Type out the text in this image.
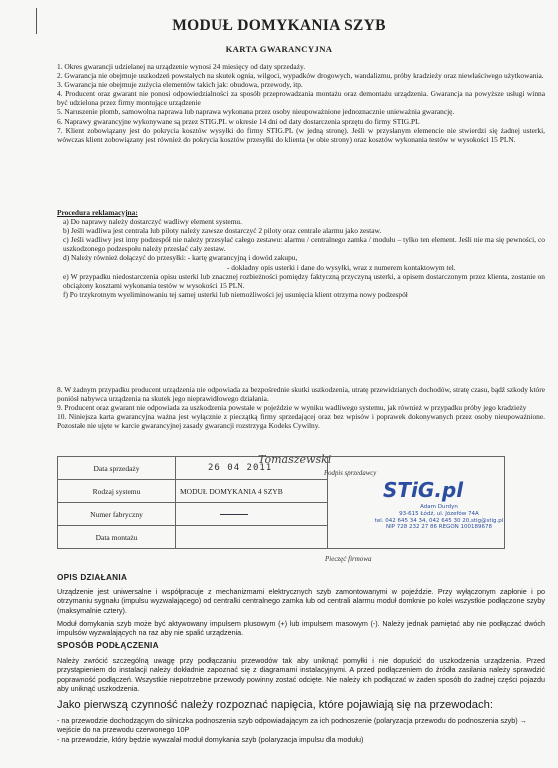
MODUŁ DOMYKANIA SZYB
KARTA GWARANCYJNA

1. Okres gwarancji udzielanej na urządzenie wynosi 24 miesięcy od daty sprzedaży.

2. Gwarancja nie obejmuje uszkodzeń powstałych na skutek ognia, wilgoci, wypadków drogowych, wandalizmu, próby kradzieży oraz niewłaściwego użytkowania.

3. Gwarancja nie obejmuje zużycia elementów takich jak: obudowa, przewody, itp.

4. Producent oraz gwarant nie ponosi odpowiedzialności za sposób przeprowadzania montażu oraz demontażu urządzenia. Gwarancja na powyższe usługi winna być udzielona przez firmy montujące urządzenie

5. Naruszenie plomb, samowolna naprawa lub naprawa wykonana przez osoby nieupoważnione jednoznacznie unieważnia gwarancję.

6. Naprawy gwarancyjne wykonywane są przez STIG.PL w okresie 14 dni od daty dostarczenia sprzętu do firmy STIG.PL

7. Klient zobowiązany jest do pokrycia kosztów wysyłki do firmy STIG.PL (w jedną stronę). Jeśli w przysłanym elemencie nie stwierdzi się żadnej usterki, wówczas klient zobowiązany jest również do pokrycia kosztów przesyłki do klienta (w obie strony) oraz kosztów wykonania testów w wysokości 15 PLN.

Procedura reklamacyjna:
a) Do naprawy należy dostarczyć wadliwy element systemu.
b) Jeśli wadliwa jest centrala lub piloty należy zawsze dostarczyć 2 piloty oraz centrale alarmu jako zestaw.
c) Jeśli wadliwy jest inny podzespół nie należy przesyłać całego zestawu: alarmu / centralnego zamka / modułu – tylko ten element. Jeśli nie ma się pewności, co uszkodzonego podzespołu należy przesłać cały zestaw.
d) Należy również dołączyć do przesyłki: - kartę gwarancyjną i dowód zakupu,
- dokładny opis usterki i dane do wysyłki, wraz z numerem kontaktowym tel.
e) W przypadku niedostarczenia opisu usterki lub znacznej rozbieżności pomiędzy faktyczną przyczyną usterki, a opisem dostarczonym przez klienta, zostanie on obciążony kosztami wykonania testów w wysokości 15 PLN.
f) Po trzykrotnym wyeliminowaniu tej samej usterki lub niemożliwości jej usunięcia klient otrzyma nowy podzespół

8. W żadnym przypadku producent urządzenia nie odpowiada za bezpośrednie skutki uszkodzenia, utratę przewidzianych dochodów, stratę czasu, bądź szkody które poniósł nabywca urządzenia na skutek jego nieprawidłowego działania.

9. Producent oraz gwarant nie odpowiada za uszkodzenia powstałe w pojeździe w wyniku wadliwego systemu, jak również w przypadku próby jego kradzieży

10. Niniejsza karta gwarancyjna ważna jest wyłącznie z pieczątką firmy sprzedającej oraz bez wpisów i poprawek dokonywanych przez osoby nieupoważnione. Pozostałe nie ujęte w karcie gwarancyjnej zasady gwarancji rozstrzyga Kodeks Cywilny.

Data sprzedaży	26 04 2011	
Rodzaj systemu	MODUŁ DOMYKANIA 4 SZYB	
Numer fabryczny		
Data montażu		
Tomaszewski
Podpis sprzedawcy
STiG.pl
Adam Durdyn
93-615 Łódź, ul. Józefów 74A
tel. 042 645 34 34, 042 645 30 20,stig@stig.pl
NIP 728 232 27 86 REGON 100189678
Pieczęć firmowa
OPIS DZIAŁANIA

Urządzenie jest uniwersalne i współpracuje z mechanizmami elektrycznych szyb zamontowanymi w pojeździe. Przy wyłączonym zapłonie i po otrzymaniu sygnału (impulsu wyzwalającego) od centralki centralnego zamka lub od centrali alarmu moduł domknie po kolei wszystkie podłączone szyby (maksymalnie cztery).

Moduł domykania szyb może być aktywowany impulsem plusowym (+) lub impulsem masowym (-). Należy jednak pamiętać aby nie podłączać dwóch impulsów wyzwalających na raz aby nie spalić urządzenia.

SPOSÓB PODŁĄCZENIA

Należy zwrócić szczególną uwagę przy podłączaniu przewodów tak aby uniknąć pomyłki i nie dopuścić do uszkodzenia urządzenia. Przed przystąpieniem do instalacji należy dokładnie zapoznać się z diagramami instalacyjnymi. A przed podłączeniem do źródła zasilania należy sprawdzić poprawność podłączeń. Wszystkie niepotrzebne przewody powinny zostać odcięte. Nie należy ich podłączać w żaden sposób do żadnej części pojazdu aby uniknąć uszkodzenia.

Jako pierwszą czynność należy rozpoznać napięcia, które pojawiają się na przewodach:

- na przewodzie dochodzącym do silniczka podnoszenia szyb odpowiadającym za ich podnoszenie (polaryzacja przewodu do podnoszenia szyb) → wejście do na przewodu czerwonego 10P

- na przewodzie, który będzie wywzalał moduł domykania szyb (polaryzacja impulsu dla modułu)
